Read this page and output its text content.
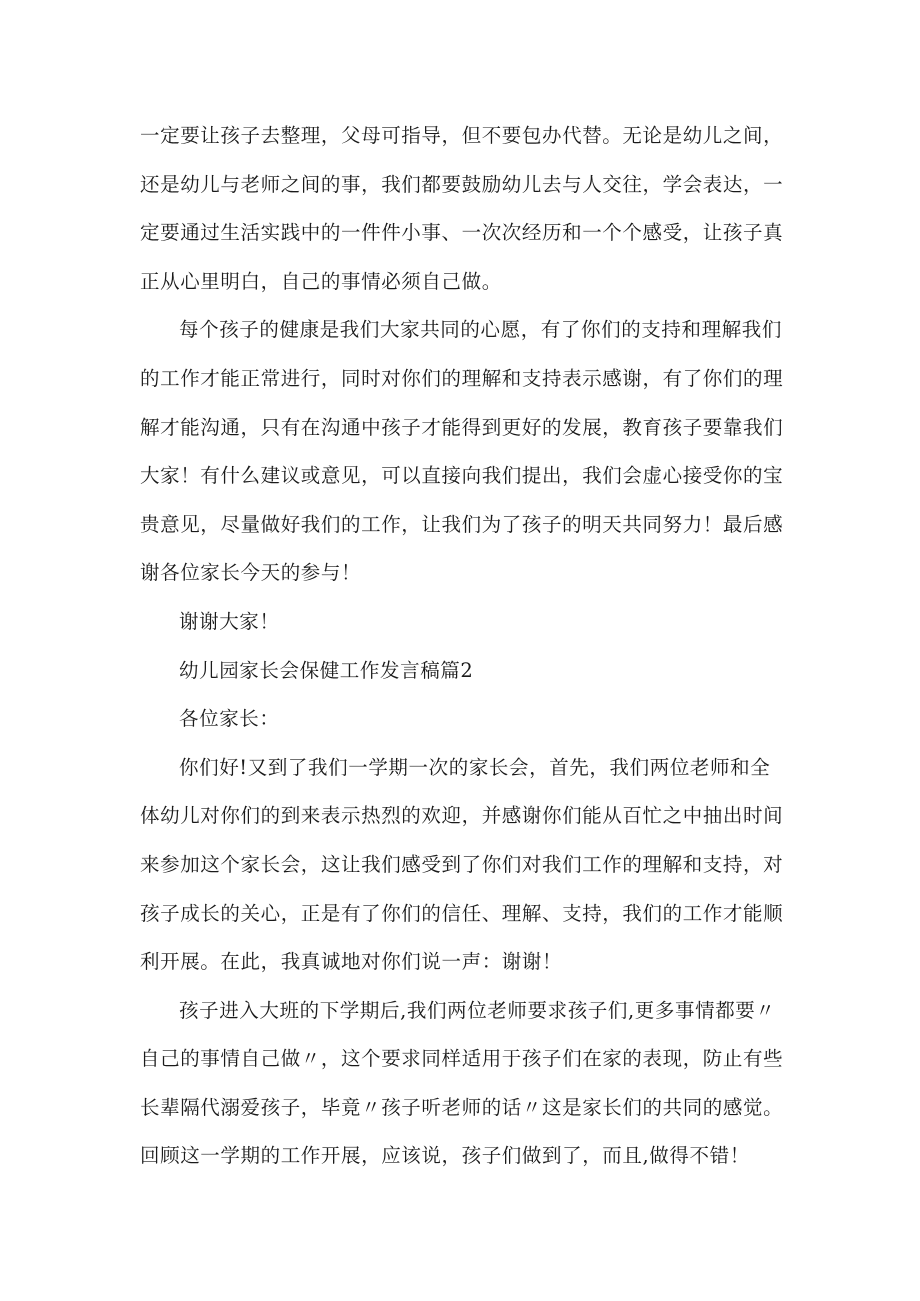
一定要让孩子去整理，父母可指导，但不要包办代替。无论是幼儿之间，
还是幼儿与老师之间的事，我们都要鼓励幼儿去与人交往，学会表达，一
定要通过生活实践中的一件件小事、一次次经历和一个个感受，让孩子真
正从心里明白，自己的事情必须自己做。
每个孩子的健康是我们大家共同的心愿，有了你们的支持和理解我们
的工作才能正常进行，同时对你们的理解和支持表示感谢，有了你们的理
解才能沟通，只有在沟通中孩子才能得到更好的发展，教育孩子要靠我们
大家！有什么建议或意见，可以直接向我们提出，我们会虚心接受你的宝
贵意见，尽量做好我们的工作，让我们为了孩子的明天共同努力！最后感
谢各位家长今天的参与！
谢谢大家！
幼儿园家长会保健工作发言稿篇2
各位家长：
你们好!又到了我们一学期一次的家长会，首先，我们两位老师和全
体幼儿对你们的到来表示热烈的欢迎，并感谢你们能从百忙之中抽出时间
来参加这个家长会，这让我们感受到了你们对我们工作的理解和支持，对
孩子成长的关心，正是有了你们的信任、理解、支持，我们的工作才能顺
利开展。在此，我真诚地对你们说一声：谢谢！
孩子进入大班的下学期后,我们两位老师要求孩子们,更多事情都要〃
自己的事情自己做〃，这个要求同样适用于孩子们在家的表现，防止有些
长辈隔代溺爱孩子，毕竟〃孩子听老师的话〃这是家长们的共同的感觉。
回顾这一学期的工作开展，应该说，孩子们做到了，而且,做得不错！
